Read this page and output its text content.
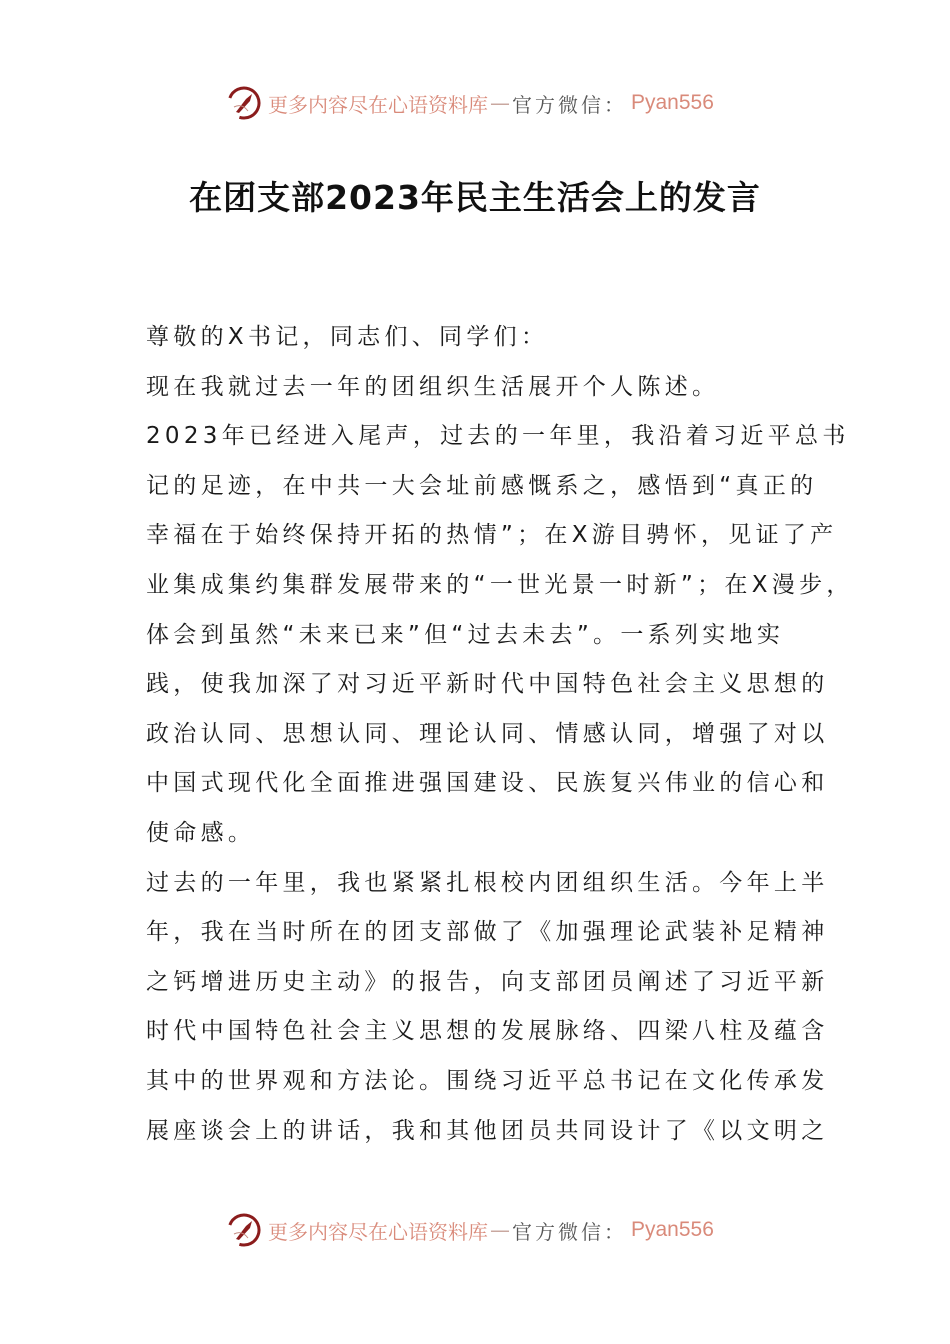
更多内容尽在心语资料库 — 官方微信： Pyan556
在团支部2023年民主生活会上的发言
尊敬的X书记，同志们、同学们：
现在我就过去一年的团组织生活展开个人陈述。
2023年已经进入尾声，过去的一年里，我沿着习近平总书
记的足迹，在中共一大会址前感慨系之，感悟到“真正的
幸福在于始终保持开拓的热情”；在X游目骋怀，见证了产
业集成集约集群发展带来的“一世光景一时新”；在X漫步，
体会到虽然“未来已来”但“过去未去”。一系列实地实
践，使我加深了对习近平新时代中国特色社会主义思想的
政治认同、思想认同、理论认同、情感认同，增强了对以
中国式现代化全面推进强国建设、民族复兴伟业的信心和
使命感。
过去的一年里，我也紧紧扎根校内团组织生活。今年上半
年，我在当时所在的团支部做了《加强理论武装补足精神
之钙增进历史主动》的报告，向支部团员阐述了习近平新
时代中国特色社会主义思想的发展脉络、四梁八柱及蕴含
其中的世界观和方法论。围绕习近平总书记在文化传承发
展座谈会上的讲话，我和其他团员共同设计了《以文明之
更多内容尽在心语资料库 — 官方微信： Pyan556
